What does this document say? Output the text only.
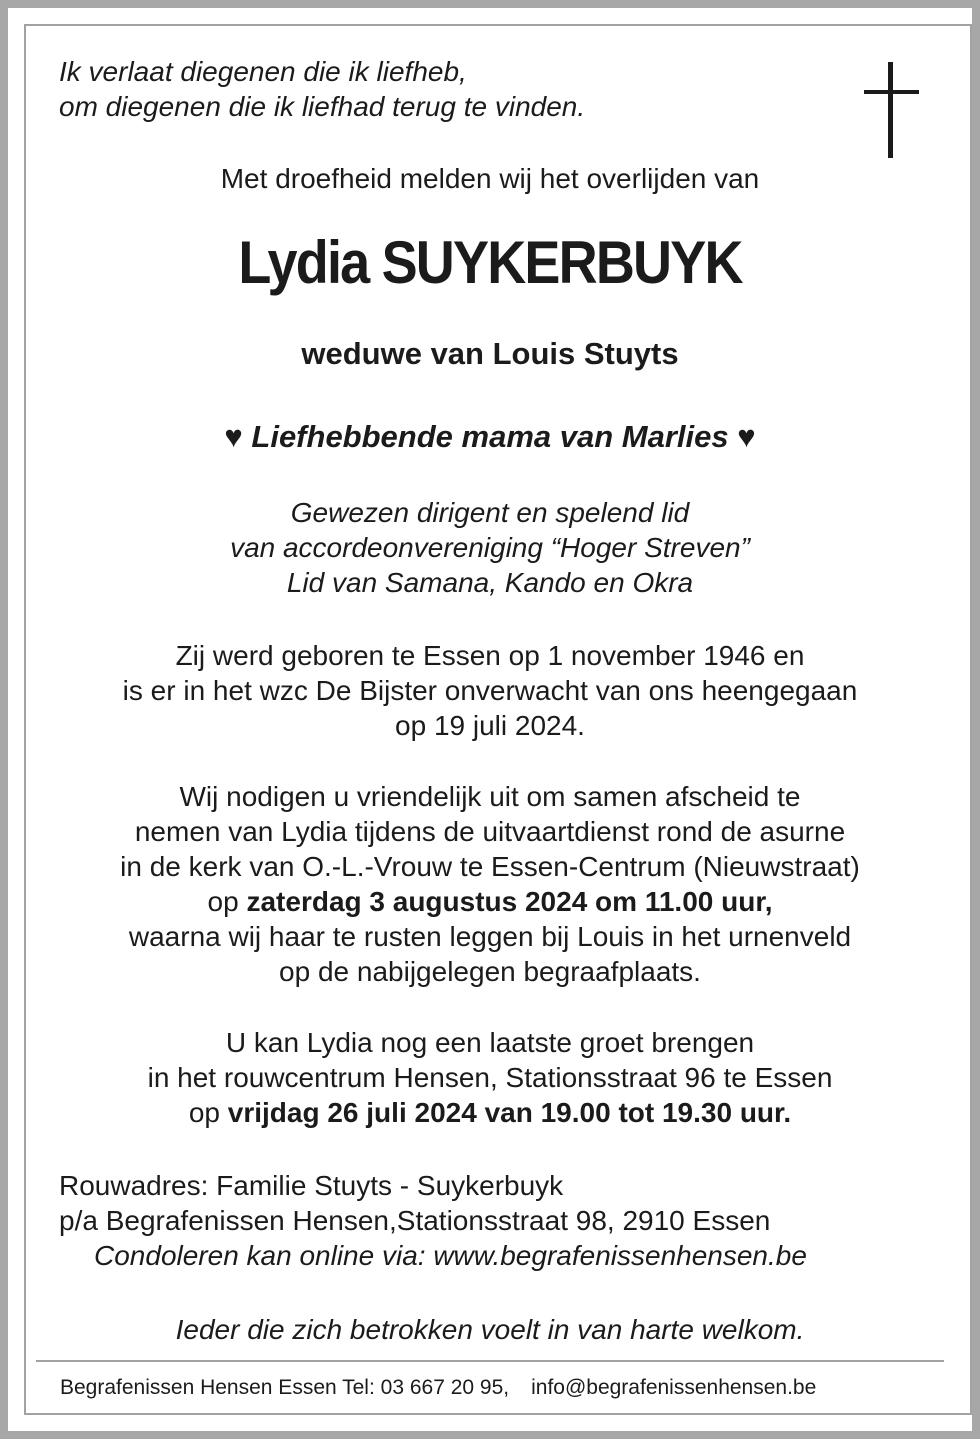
Ik verlaat diegenen die ik liefheb,
om diegenen die ik liefhad terug te vinden.
Met droefheid melden wij het overlijden van
Lydia SUYKERBUYK
weduwe van Louis Stuyts
♥ Liefhebbende mama van Marlies ♥
Gewezen dirigent en spelend lid
van accordeonvereniging “Hoger Streven”
Lid van Samana, Kando en Okra
Zij werd geboren te Essen op 1 november 1946 en
is er in het wzc De Bijster onverwacht van ons heengegaan
op 19 juli 2024.
Wij nodigen u vriendelijk uit om samen afscheid te
nemen van Lydia tijdens de uitvaartdienst rond de asurne
in de kerk van O.-L.-Vrouw te Essen-Centrum (Nieuwstraat)
op zaterdag 3 augustus 2024 om 11.00 uur,
waarna wij haar te rusten leggen bij Louis in het urnenveld
op de nabijgelegen begraafplaats.
U kan Lydia nog een laatste groet brengen
in het rouwcentrum Hensen, Stationsstraat 96 te Essen
op vrijdag 26 juli 2024 van 19.00 tot 19.30 uur.
Rouwadres: Familie Stuyts - Suykerbuyk
p/a Begrafenissen Hensen,Stationsstraat 98, 2910 Essen
Condoleren kan online via: www.begrafenissenhensen.be
Ieder die zich betrokken voelt in van harte welkom.
Begrafenissen Hensen Essen Tel: 03 667 20 95, info@begrafenissenhensen.be
